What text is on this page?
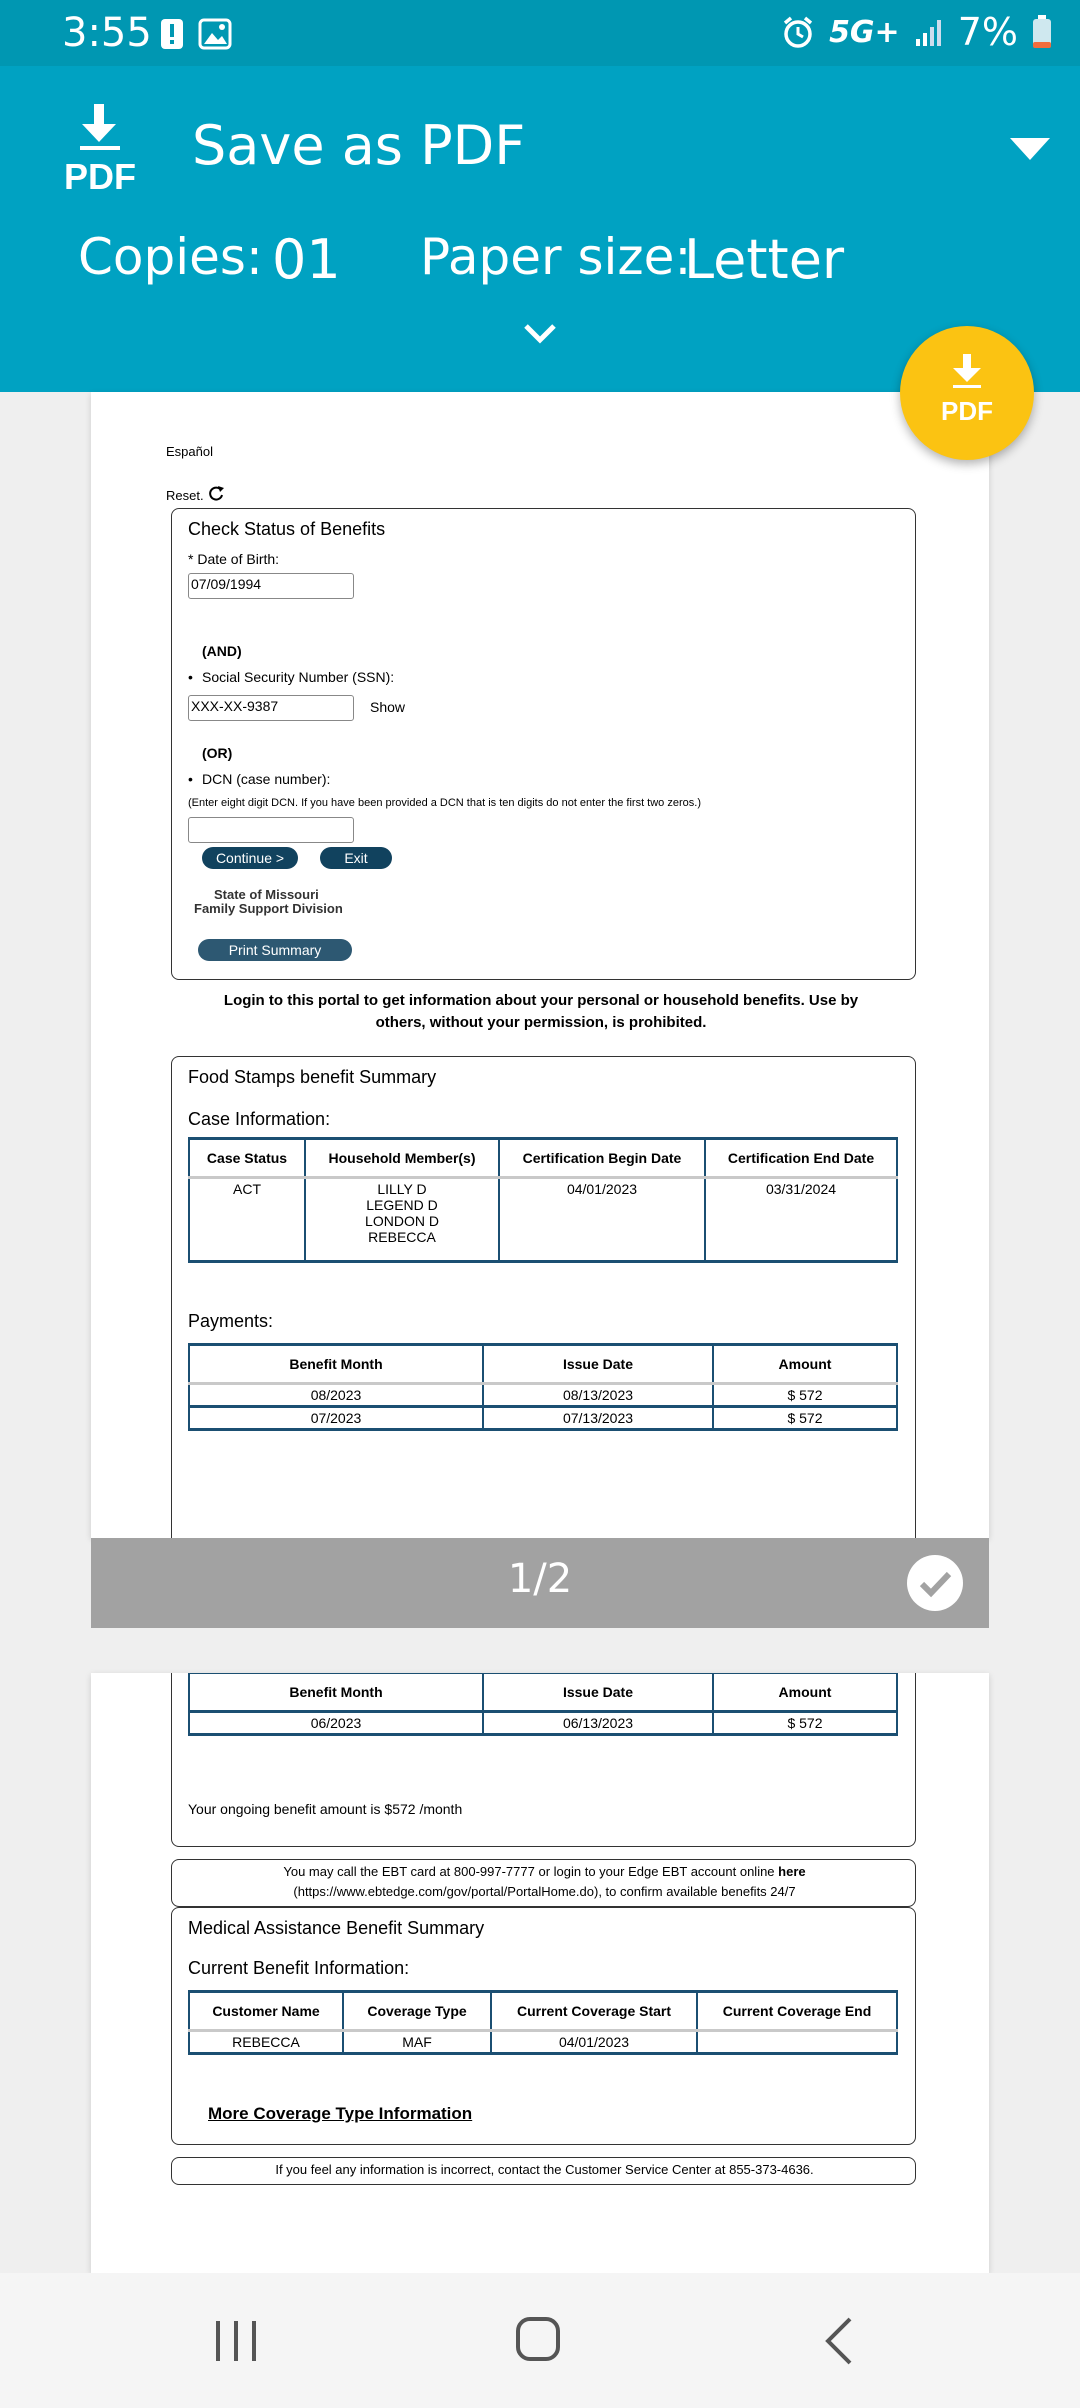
3:55	5G+ 7%
PDF Save as PDF
Copies: 01 Paper size:
Letter
PDF
Español
Reset.
Check Status of Benefits
* Date of Birth:
07/09/1994
(AND)
• Social Security Number (SSN):
XXX-XX-9387	Show
(OR)
• DCN (case number):
(Enter eight digit DCN. If you have been provided a DCN that is ten digits do not enter the first two zeros.)
Continue >	Exit
State of Missouri
Family Support Division
Print Summary
Login to this portal to get information about your personal or household benefits. Use by others, without your permission, is prohibited.
Food Stamps benefit Summary
Case Information:
Case Status	Household Member(s)	Certification Begin Date	Certification End Date
ACT	LILLY D
LEGEND D
LONDON D
REBECCA	04/01/2023	03/31/2024
Payments:
Benefit Month	Issue Date	Amount
08/2023	08/13/2023	$ 572
07/2023	07/13/2023	$ 572
1/2
Benefit Month	Issue Date	Amount
06/2023	06/13/2023	$ 572
Your ongoing benefit amount is $572 /month
You may call the EBT card at 800-997-7777 or login to your Edge EBT account online here
(https://www.ebtedge.com/gov/portal/PortalHome.do), to confirm available benefits 24/7
Medical Assistance Benefit Summary
Current Benefit Information:
Customer Name	Coverage Type	Current Coverage Start	Current Coverage End
REBECCA	MAF	04/01/2023	
More Coverage Type Information
If you feel any information is incorrect, contact the Customer Service Center at 855-373-4636.
